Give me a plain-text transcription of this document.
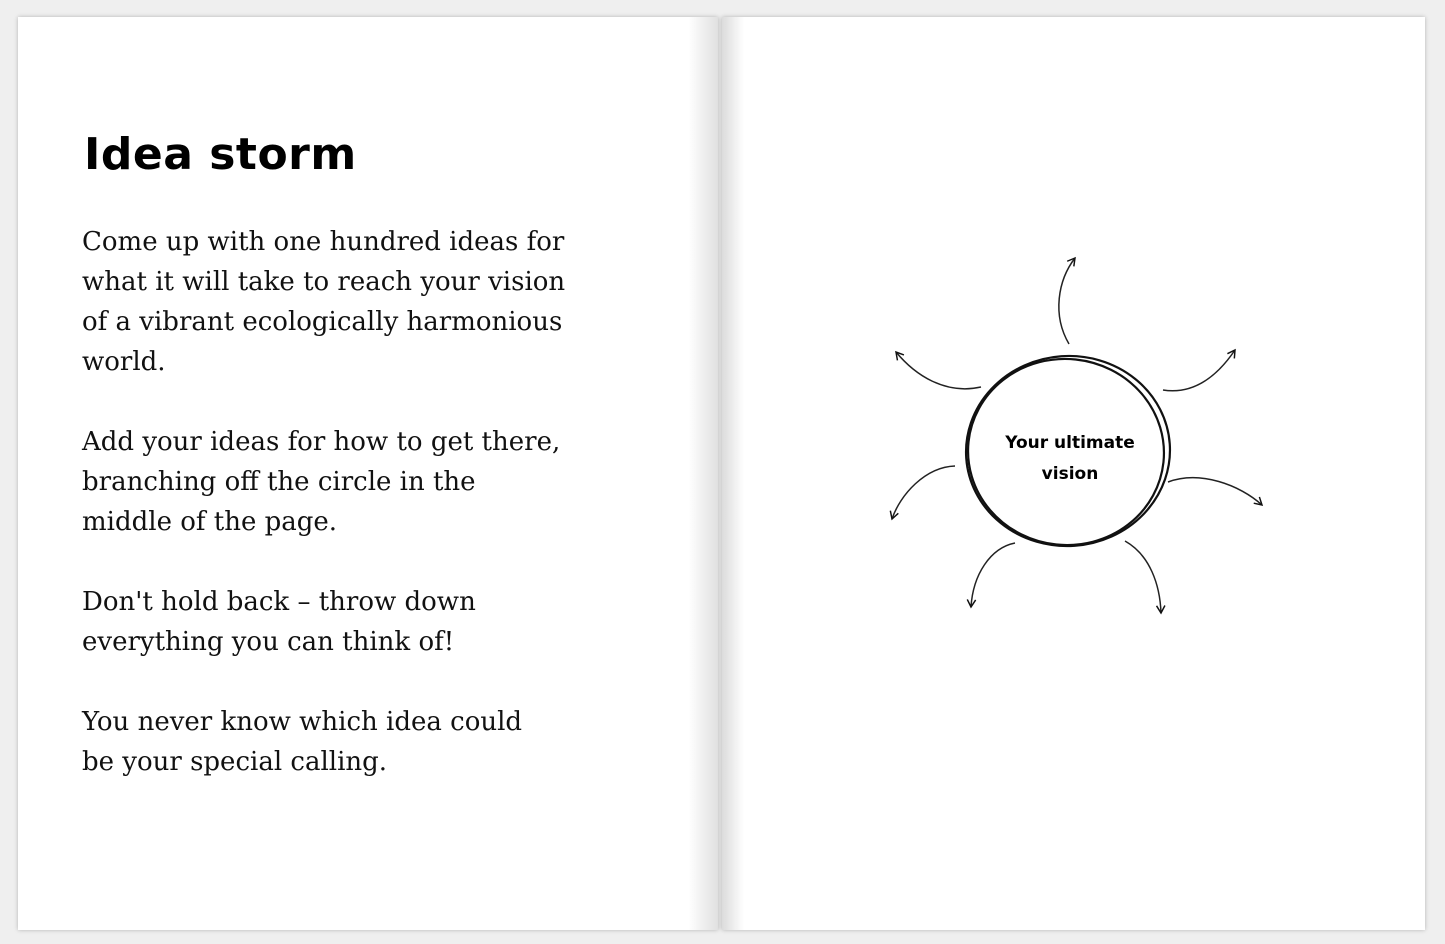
Idea storm

Come up with one hundred ideas for
what it will take to reach your vision
of a vibrant ecologically harmonious
world.

Add your ideas for how to get there,
branching off the circle in the
middle of the page.

Don't hold back – throw down
everything you can think of!

You never know which idea could
be your special calling.

Your ultimate
vision
